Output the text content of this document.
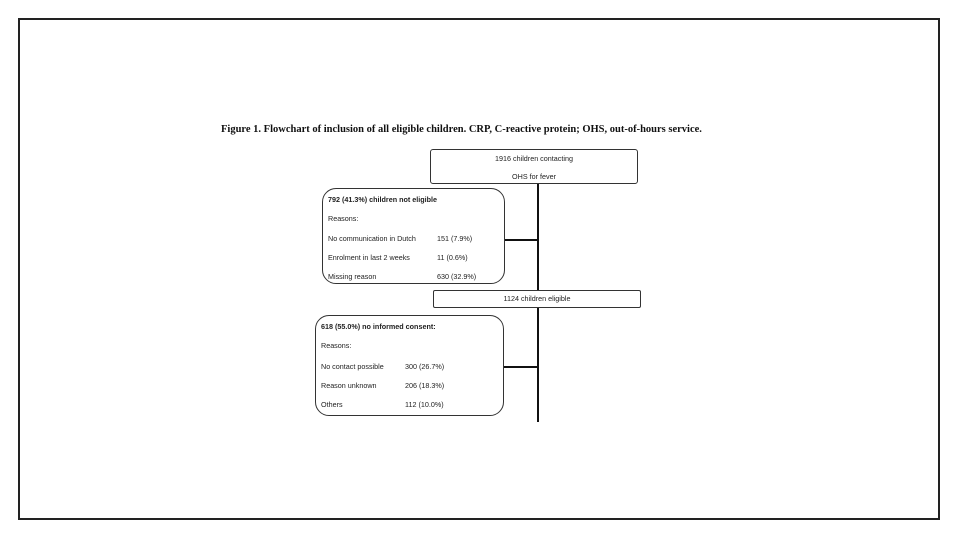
Figure 1. Flowchart of inclusion of all eligible children. CRP, C-reactive protein; OHS, out-of-hours service.
1916 children contacting
OHS for fever
792 (41.3%) children not eligible
Reasons:
No communication in Dutch	151 (7.9%)
Enrolment in last 2 weeks	11 (0.6%)
Missing reason	630 (32.9%)
1124 children eligible
618 (55.0%) no informed consent:
Reasons:
No contact possible	300 (26.7%)
Reason unknown	206 (18.3%)
Others	112 (10.0%)
